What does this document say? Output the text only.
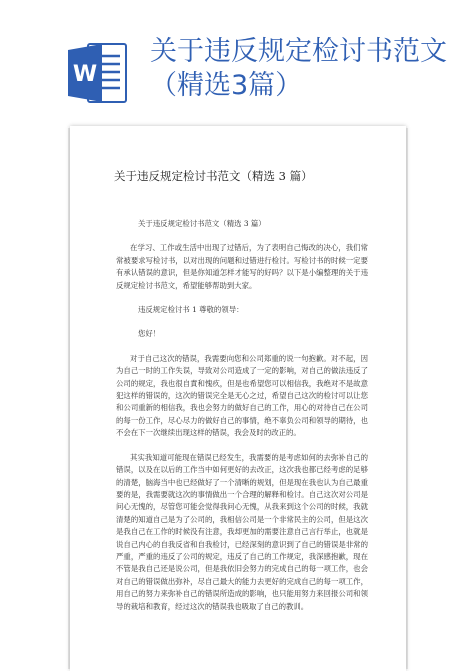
W
关于违反规定检讨书范文（精选3篇）
关于违反规定检讨书范文（精选 3 篇）

关于违反规定检讨书范文（精选 3 篇）

在学习、工作或生活中出现了过错后，为了表明自己悔改的决心，我们常常被要求写检讨书，以对出现的问题和过错进行检讨。写检讨书的时候一定要有承认错误的意识，但是你知道怎样才能写的好吗？以下是小编整理的关于违反规定检讨书范文，希望能够帮助到大家。

违反规定检讨书 1 尊敬的领导：

您好！

对于自己这次的错误，我需要向您和公司郑重的说一句抱歉。对不起，因为自己一时的工作失误，导致对公司造成了一定的影响，对自己的做法违反了公司的规定，我也很自責和愧疚，但是也希望您可以相信我，我绝对不是故意犯这样的错误的，这次的错误完全是无心之过，希望自己这次的检讨可以让您和公司重新的相信我，我也会努力的做好自己的工作，用心的对待自己在公司的每一份工作，尽心尽力的做好自己的事情，绝不辜负公司和领导的期待，也不会在下一次继续出现这样的错误，我会及时的改正的。

其实我知道可能现在错误已经发生，我需要的是考虑如何的去弥补自己的错误，以及在以后的工作当中如何更好的去改正，这次我也都已经考虑的足够的清楚，脑海当中也已经做好了一个清晰的规划，但是现在我也认为自己最重要的是，我需要就这次的事情做出一个合理的解释和检讨。自己这次对公司是问心无愧的，尽管您可能会觉得我问心无愧，从我来到这个公司的时候，我就清楚的知道自己是为了公司的，我相信公司是一个非常民主的公司，但是这次是我自己在工作的时候没有注意，我却更加的需要注意自己言行举止，也就是说自己内心的自我反省和自我检讨，已经深刻的意识到了自己的错误是非常的严重，严重的违反了公司的规定，违反了自己的工作规定，我深感抱歉，现在不管是我自己还是说公司，但是我依旧会努力的完成自己的每一项工作，也会对自己的错误做出弥补，尽自己最大的能力去更好的完成自己的每一项工作，用自己的努力来弥补自己的错误所造成的影响，也只能用努力来回报公司和领导的栽培和教育，经过这次的错误我也吸取了自己的教训。
